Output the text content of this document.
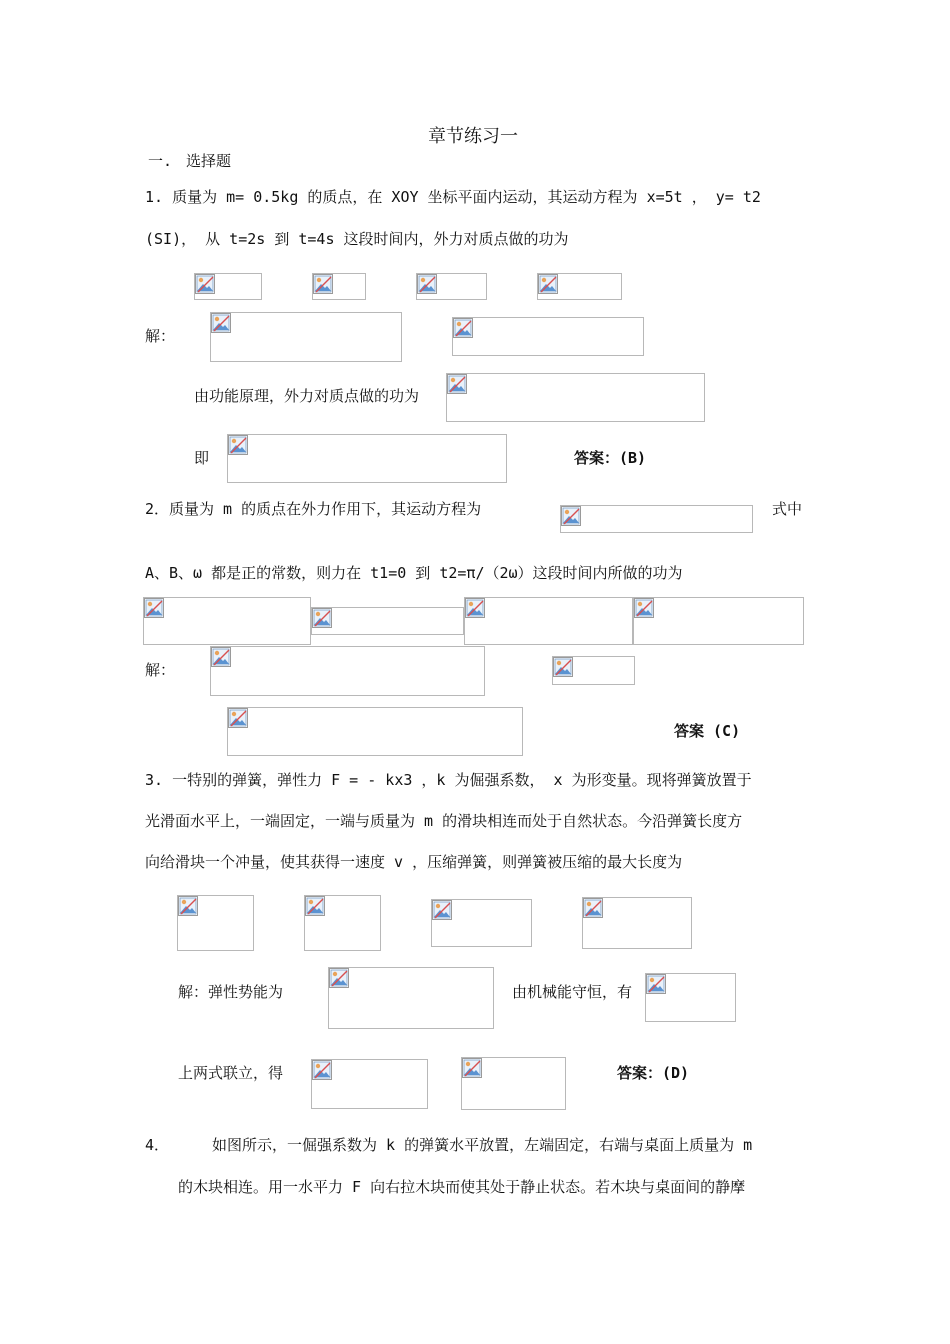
章节练习一
一. 选择题
1. 质量为 m= 0.5kg 的质点，在 XOY 坐标平面内运动，其运动方程为 x=5t ， y= t2
(SI)， 从 t=2s 到 t=4s 这段时间内，外力对质点做的功为
解：
由功能原理，外力对质点做的功为
即	答案：(B)
2．质量为 m 的质点在外力作用下，其运动方程为	式中
A、B、ω 都是正的常数，则力在 t1=0 到 t2=π/（2ω）这段时间内所做的功为
解：
答案 (C)
3. 一特别的弹簧，弹性力 F = - kx3 ，k 为倔强系数， x 为形变量。现将弹簧放置于
光滑面水平上，一端固定，一端与质量为 m 的滑块相连而处于自然状态。今沿弹簧长度方
向给滑块一个冲量，使其获得一速度 v ，压缩弹簧，则弹簧被压缩的最大长度为
解：弹性势能为	由机械能守恒，有
上两式联立，得	答案：(D)
4．	如图所示，一倔强系数为 k 的弹簧水平放置，左端固定，右端与桌面上质量为 m
的木块相连。用一水平力 F 向右拉木块而使其处于静止状态。若木块与桌面间的静摩
